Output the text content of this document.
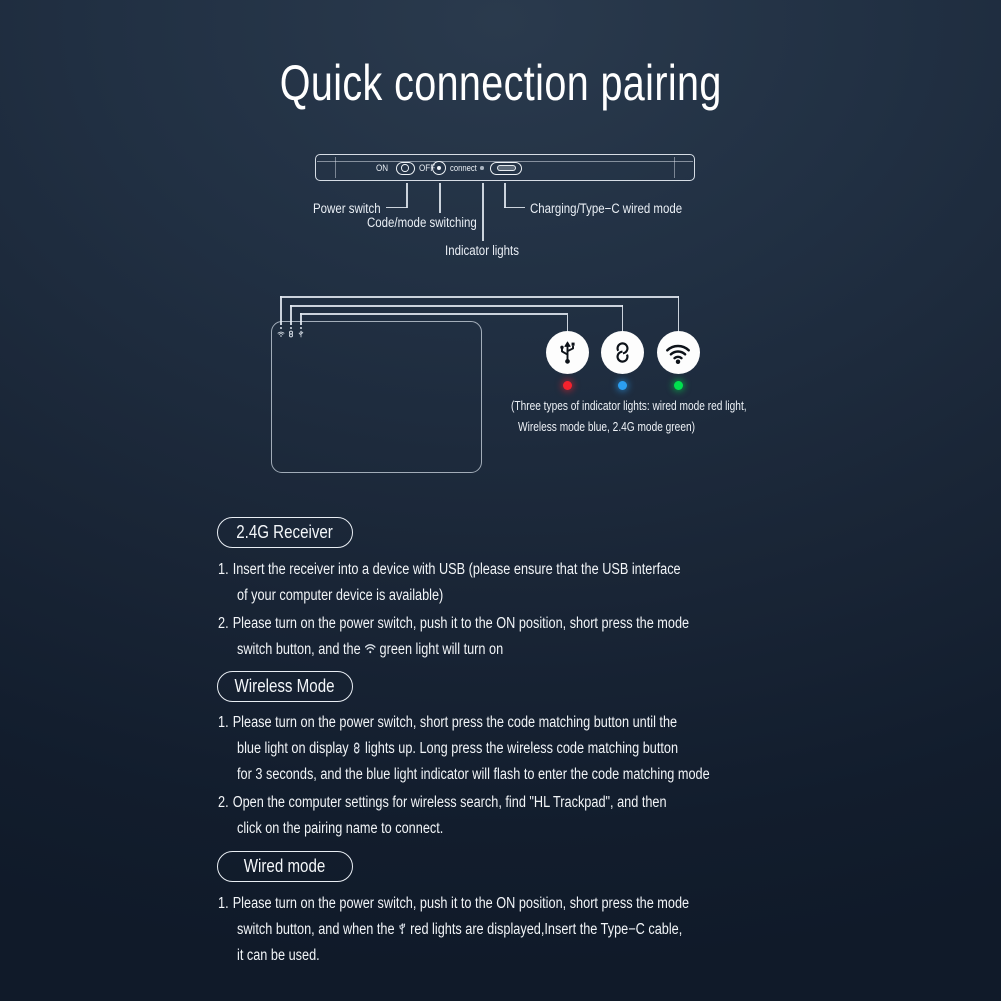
Quick connection pairing
ON	OFF	connect
Power switch
Code/mode switching
Indicator lights
Charging/Type−C wired mode
(Three types of indicator lights: wired mode red light,
Wireless mode blue, 2.4G mode green)
2.4G Receiver
1. Insert the receiver into a device with USB (please ensure that the USB interface
of your computer device is available)
2. Please turn on the power switch, push it to the ON position, short press the mode
switch button, and the green light will turn on
Wireless Mode
1. Please turn on the power switch, short press the code matching button until the
blue light on display lights up. Long press the wireless code matching button
for 3 seconds, and the blue light indicator will flash to enter the code matching mode
2. Open the computer settings for wireless search, find "HL Trackpad", and then
click on the pairing name to connect.
Wired mode
1. Please turn on the power switch, push it to the ON position, short press the mode
switch button, and when the red lights are displayed,Insert the Type−C cable,
it can be used.
